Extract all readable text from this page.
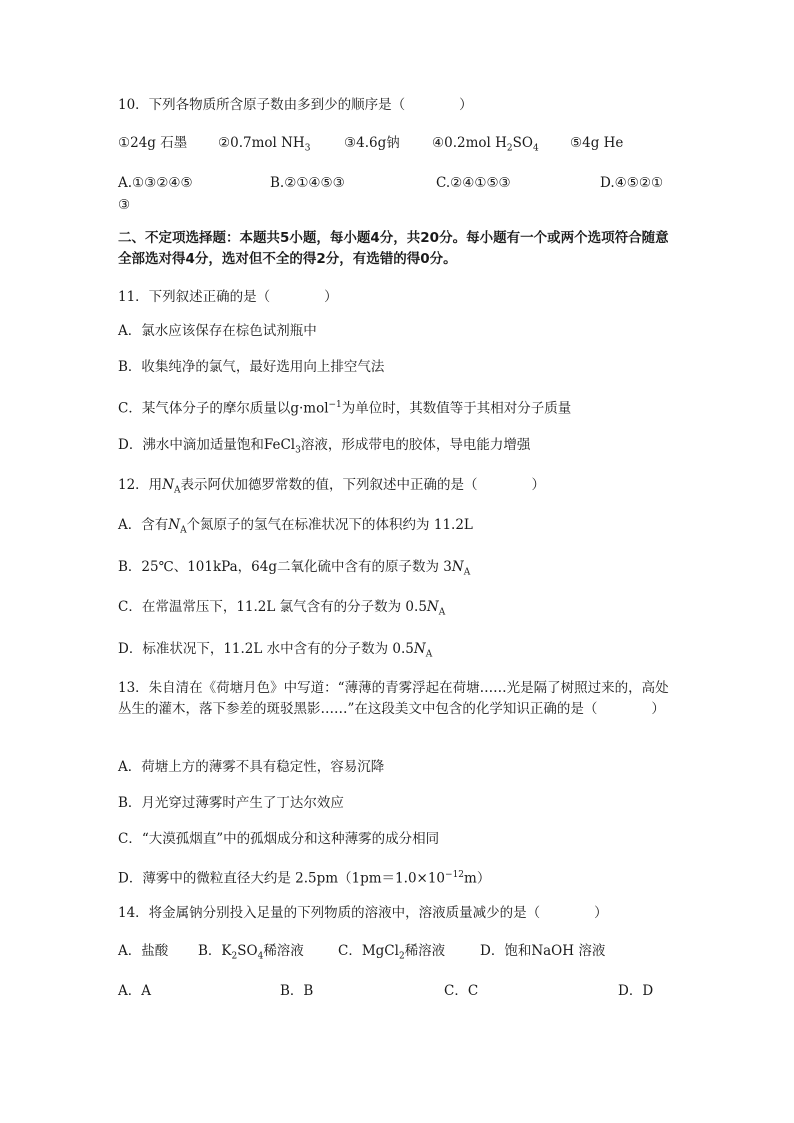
10．下列各物质所含原子数由多到少的顺序是（　　　　）
①24g 石墨 ②0.7mol $NH_3$ ③4.6g钠 ④0.2mol $H_2SO_4$ ⑤4g He
A.①③②④⑤	B.②①④⑤③	C.②④①⑤③	D.④⑤②①
③
二、不定项选择题：本题共5小题，每小题4分，共20分。每小题有一个或两个选项符合随意全部选对得4分，选对但不全的得2分，有选错的得0分。
11．下列叙述正确的是（　　　　）
A．氯水应该保存在棕色试剂瓶中
B．收集纯净的氯气，最好选用向上排空气法
C．某气体分子的摩尔质量以g·mol$^{-1}$为单位时，其数值等于其相对分子质量
D．沸水中滴加适量饱和FeCl$_3$溶液，形成带电的胶体，导电能力增强
12．用$N_A$表示阿伏加德罗常数的值，下列叙述中正确的是（　　　　）
A．含有$N_A$个氮原子的氢气在标准状况下的体积约为 11.2L
B．25℃、101kPa，64g二氧化硫中含有的原子数为 $3N_A$
C．在常温常压下，11.2L 氯气含有的分子数为 $0.5N_A$
D．标准状况下，11.2L 水中含有的分子数为 $0.5N_A$
13．朱自清在《荷塘月色》中写道：“薄薄的青雾浮起在荷塘……光是隔了树照过来的，高处丛生的灌木，落下参差的斑驳黑影……”在这段美文中包含的化学知识正确的是（　　　　）
A．荷塘上方的薄雾不具有稳定性，容易沉降
B．月光穿过薄雾时产生了丁达尔效应
C．“大漠孤烟直”中的孤烟成分和这种薄雾的成分相同
D．薄雾中的微粒直径大约是 $2.5pm(1pm=1.0\times 10^{-12}m)$
14．将金属钠分别投入足量的下列物质的溶液中，溶液质量减少的是（　　　　）
A．盐酸 B．$K_2SO_4$稀溶液	C．MgCl$_2$稀溶液	D．饱和NaOH 溶液
A．A	B．B	C．C	D．D
